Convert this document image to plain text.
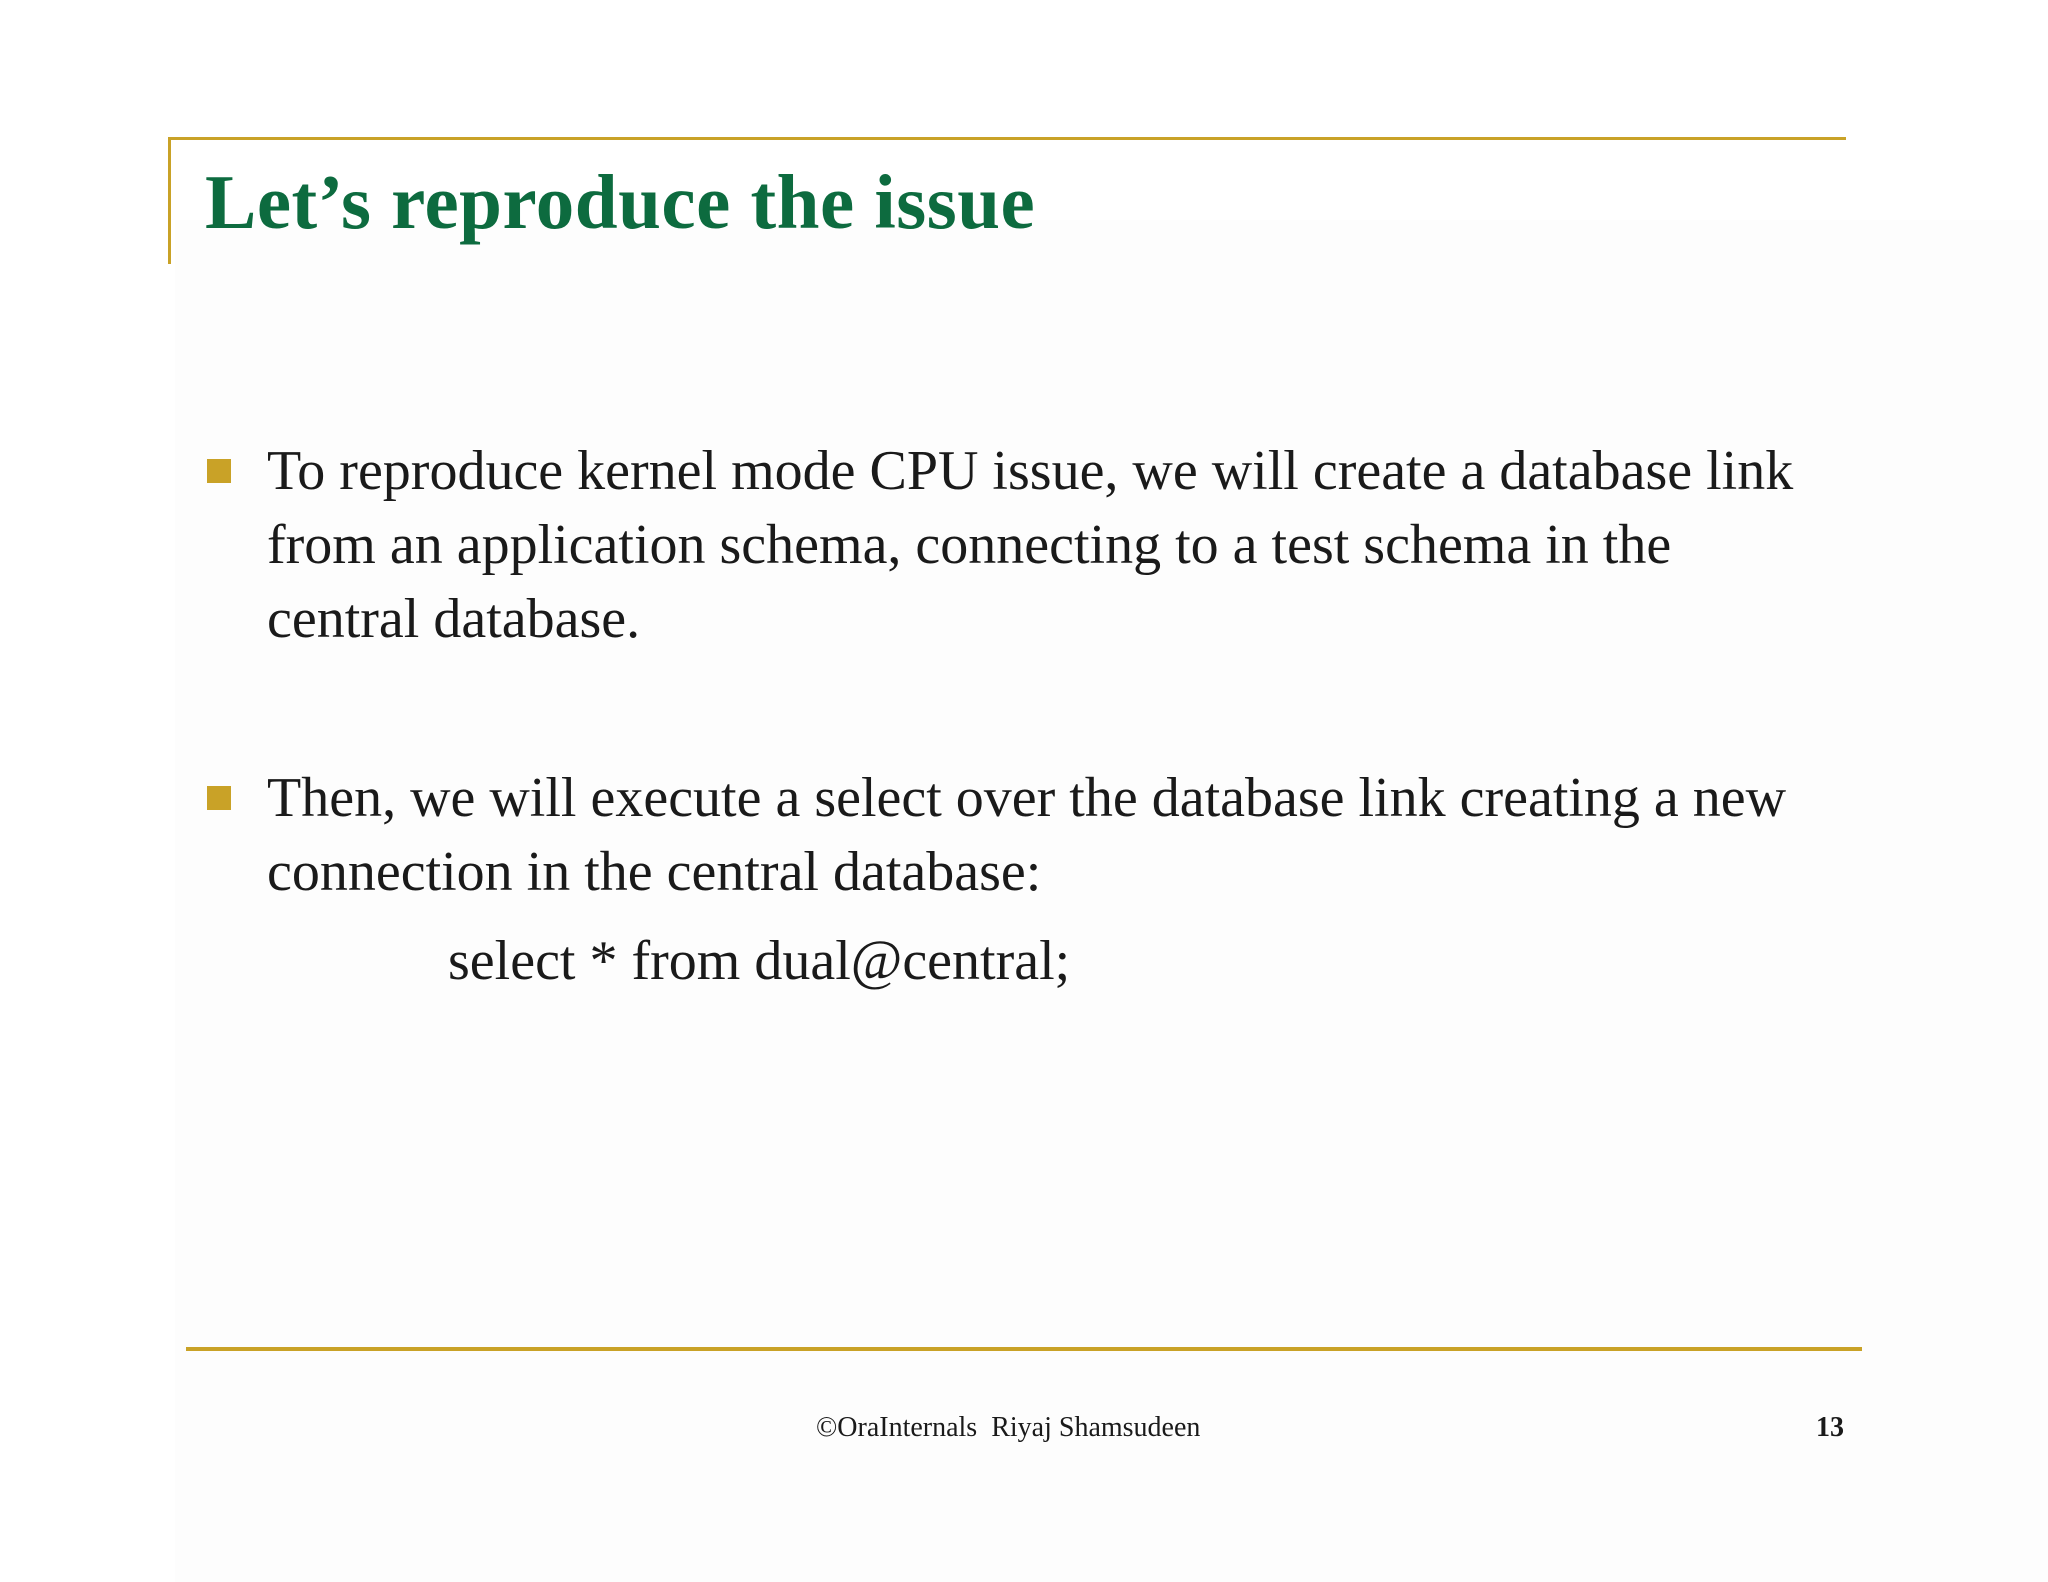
Let’s reproduce the issue
To reproduce kernel mode CPU issue, we will create a database link from an application schema, connecting to a test schema in the central database.
Then, we will execute a select over the database link creating a new connection in the central database:
select * from dual@central;
©OraInternals  Riyaj Shamsudeen	13
